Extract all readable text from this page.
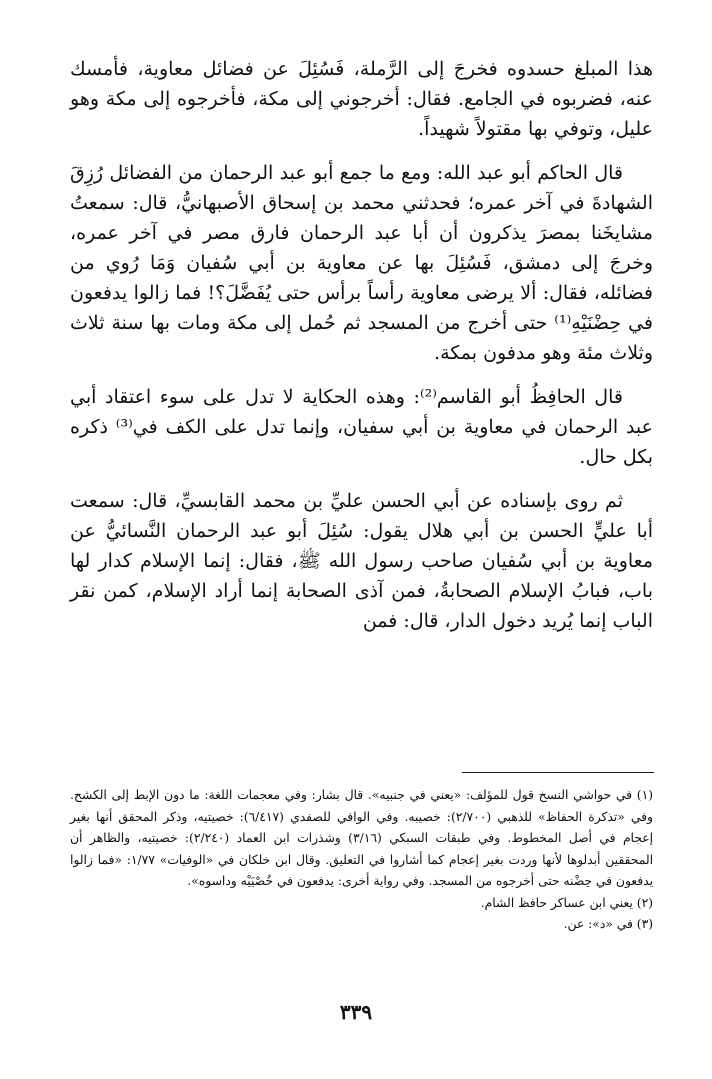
هذا المبلغ حسدوه فخرجَ إلى الرَّملة، فَسُئِلَ عن فضائل معاوية، فأمسك عنه، فضربوه في الجامع. فقال: أخرجوني إلى مكة، فأخرجوه إلى مكة وهو عليل، وتوفي بها مقتولاً شهيداً.

قال الحاكم أبو عبد الله: ومع ما جمع أبو عبد الرحمان من الفضائل رُزِقَ الشهادةَ في آخر عمره؛ فحدثني محمد بن إسحاق الأصبهانيُّ، قال: سمعتُ مشايخَنا بمصرَ يذكرون أن أبا عبد الرحمان فارق مصر في آخر عمره، وخرجَ إلى دمشق، فَسُئِلَ بها عن معاوية بن أبي سُفيان وَمَا رُوي من فضائله، فقال: ألا يرضى معاوية رأساً برأس حتى يُفَضَّلَ؟! فما زالوا يدفعون في حِضْنَيْهِ⁽¹⁾ حتى أخرج من المسجد ثم حُمل إلى مكة ومات بها سنة ثلاث وثلاث مئة وهو مدفون بمكة.

قال الحافِظُ أبو القاسم⁽²⁾: وهذه الحكاية لا تدل على سوء اعتقاد أبي عبد الرحمان في معاوية بن أبي سفيان، وإنما تدل على الكف في⁽³⁾ ذكره بكل حال.

ثم روى بإسناده عن أبي الحسن عليِّ بن محمد القابسيِّ، قال: سمعت أبا عليٍّ الحسن بن أبي هلال يقول: سُئِلَ أبو عبد الرحمان النَّسائيُّ عن معاوية بن أبي سُفيان صاحب رسول الله ﷺ، فقال: إنما الإسلام كدار لها باب، فبابُ الإسلام الصحابةُ، فمن آذى الصحابة إنما أراد الإسلام، كمن نقر الباب إنما يُريد دخول الدار، قال: فمن

(١) في حواشي النسخ قول للمؤلف: «يعني في جنبيه». قال بشار: وفي معجمات اللغة: ما دون الإبط إلى الكشح. وفي «تذكرة الحفاظ» للذهبي (٢/٧٠٠): خصيبه. وفي الوافي للصفدي (٦/٤١٧): خصيتيه، وذكر المحقق أنها بغير إعجام في أصل المخطوط. وفي طبقات السبكي (٣/١٦) وشذرات ابن العماد (٢/٢٤٠): خصيتيه، والظاهر أن المحققين أبدلوها لأنها وردت بغير إعجام كما أشاروا في التعليق. وقال ابن خلكان في «الوفيات» ١/٧٧: «فما زالوا يدفعون في حِضْنه حتى أخرجوه من المسجد. وفي رواية أخرى: يدفعون في خُصْيَيْه وداسوه».

(٢) يعني ابن عساكر حافظ الشام.

(٣) في «د»: عن.

٣٣٩
